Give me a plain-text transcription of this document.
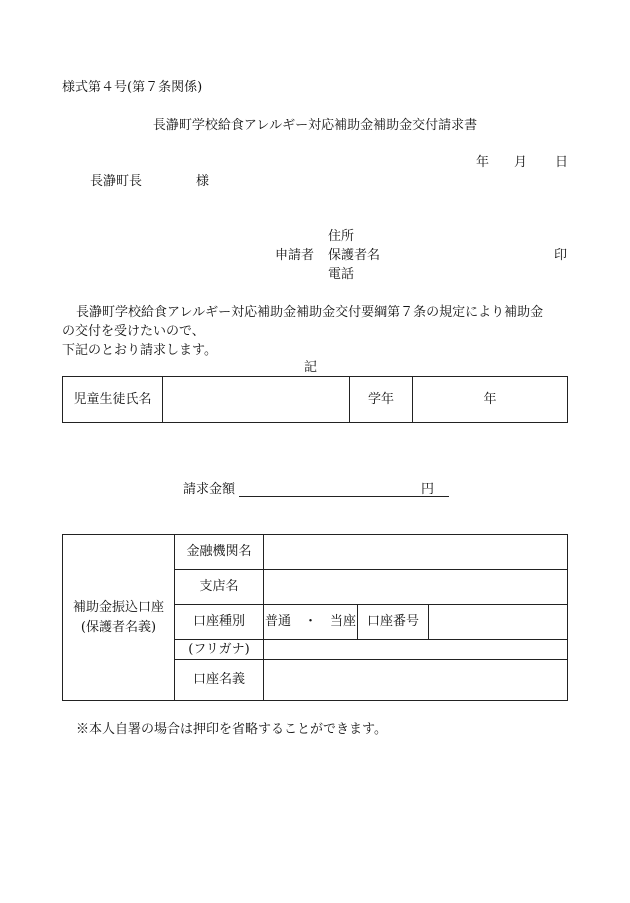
様式第４号(第７条関係)
長瀞町学校給食アレルギー対応補助金補助金交付請求書
年 月 日
長瀞町長	様
住所
申請者 保護者名	印
電話
長瀞町学校給食アレルギー対応補助金補助金交付要綱第７条の規定により補助金
の交付を受けたいので、
下記のとおり請求します。
記
児童生徒氏名		学年	年
請求金額	円
補助金振込口座
(保護者名義)	金融機関名			
	支店名			
	口座種別	普通　・　当座	口座番号	
	(フリガナ)			
	口座名義			
※本人自署の場合は押印を省略することができます。
